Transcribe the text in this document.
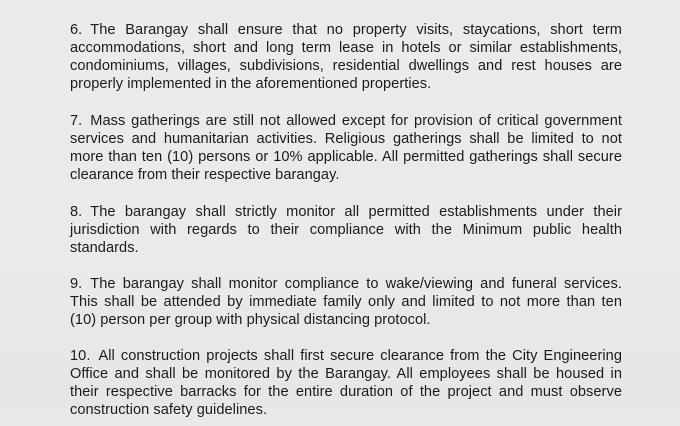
6. The Barangay shall ensure that no property visits, staycations, short term
accommodations, short and long term lease in hotels or similar establishments,
condominiums, villages, subdivisions, residential dwellings and rest houses are
properly implemented in the aforementioned properties.
7. Mass gatherings are still not allowed except for provision of critical government
services and humanitarian activities. Religious gatherings shall be limited to not
more than ten (10) persons or 10% applicable. All permitted gatherings shall secure
clearance from their respective barangay.
8. The barangay shall strictly monitor all permitted establishments under their
jurisdiction with regards to their compliance with the Minimum public health
standards.
9. The barangay shall monitor compliance to wake/viewing and funeral services.
This shall be attended by immediate family only and limited to not more than ten
(10) person per group with physical distancing protocol.
10. All construction projects shall first secure clearance from the City Engineering
Office and shall be monitored by the Barangay. All employees shall be housed in
their respective barracks for the entire duration of the project and must observe
construction safety guidelines.
